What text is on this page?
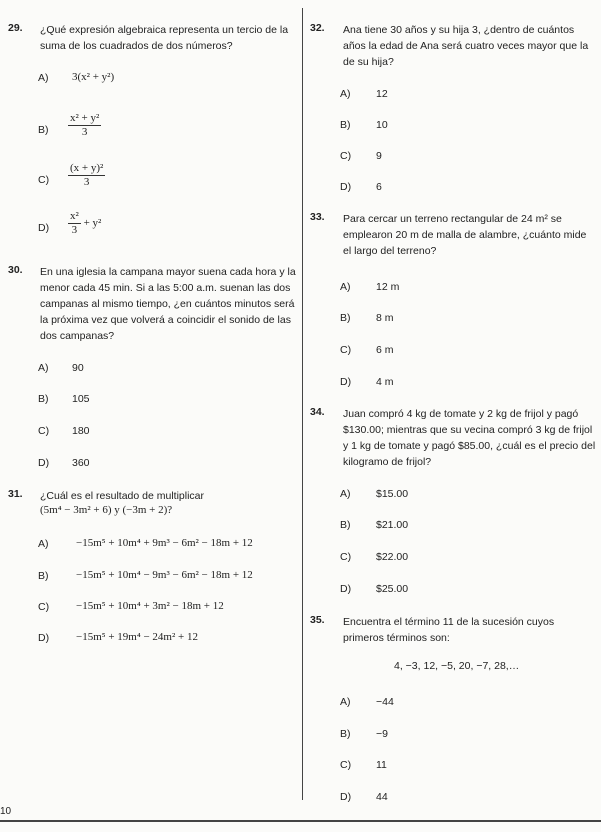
29. ¿Qué expresión algebraica representa un tercio de la suma de los cuadrados de dos números?
A) 3(x² + y²)
$B) \frac{\text{x² + y²}}{3}$
$C) \frac{\text{(x + y)²}}{3}$
$D) \frac{\text{x²}}{3} + y^2$
30. En una iglesia la campana mayor suena cada hora y la menor cada 45 min. Si a las 5:00 a.m. suenan las dos campanas al mismo tiempo, ¿en cuántos minutos será la próxima vez que volverá a coincidir el sonido de las dos campanas?
A) 90
B) 105
C) 180
D) 360
31. ¿Cuál es el resultado de multiplicar
(5m⁴ − 3m² + 6) y (−3m + 2)?
A)	−15m⁵ + 10m⁴ + 9m³ − 6m² − 18m + 12
B)	−15m⁵ + 10m⁴ − 9m³ − 6m² − 18m + 12
C) −15m⁵ + 10m⁴ + 3m² − 18m + 12
D) −15m⁵ + 19m⁴ − 24m² + 12
32. Ana tiene 30 años y su hija 3, ¿dentro de cuántos años la edad de Ana será cuatro veces mayor que la de su hija?
A) 12
B) 10
C) 9
D) 6
33. Para cercar un terreno rectangular de 24 m² se emplearon 20 m de malla de alambre, ¿cuánto mide el largo del terreno?
A) 12 m
B) 8 m
C) 6 m
D) 4 m
34. Juan compró 4 kg de tomate y 2 kg de frijol y pagó $130.00; mientras que su vecina compró 3 kg de frijol y 1 kg de tomate y pagó $85.00, ¿cuál es el precio del kilogramo de frijol?
A) $15.00
B) $21.00
C) $22.00
D) $25.00
35. Encuentra el término 11 de la sucesión cuyos primeros términos son:
4, −3, 12, −5, 20, −7, 28,…
A) −44
B) −9
C) 11
D) 44
10
